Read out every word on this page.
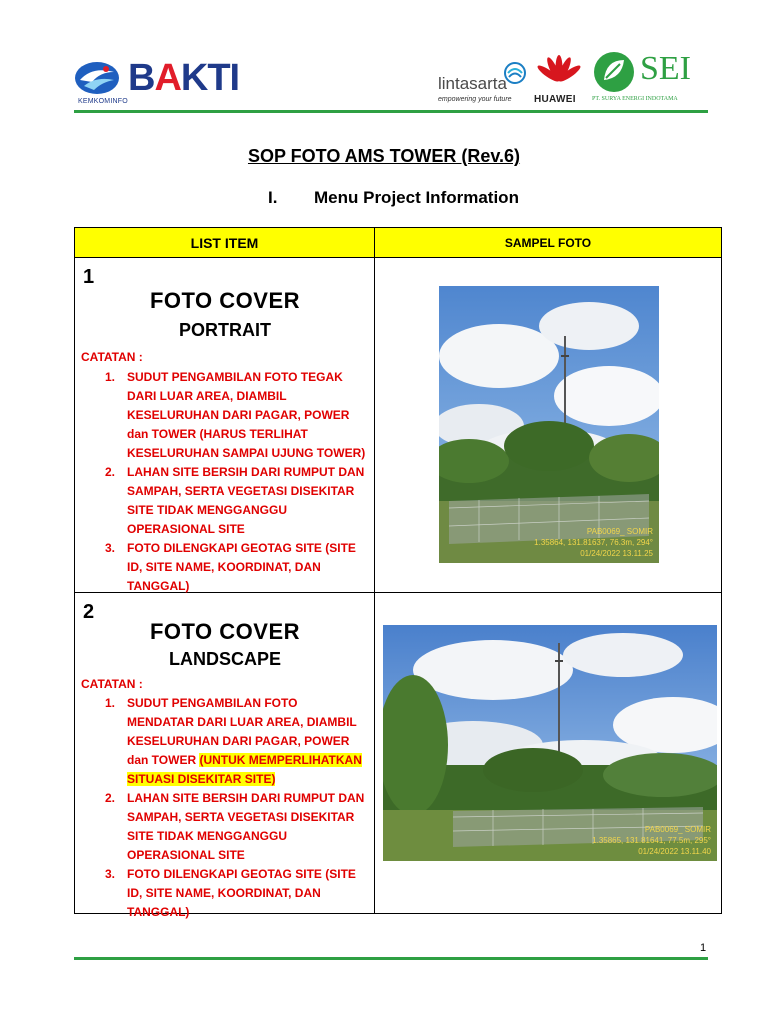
KEMKOMINFO
BAKTI	lintasarta
empowering your future HUAWEI
SEI
PT. SURYA ENERGI INDOTAMA
SOP FOTO AMS TOWER (Rev.6)
I. Menu Project Information
LIST ITEM	SAMPEL FOTO
1
FOTO COVER
PORTRAIT
CATATAN :
1. SUDUT PENGAMBILAN FOTO TEGAK DARI LUAR AREA, DIAMBIL KESELURUHAN DARI PAGAR, POWER dan TOWER (HARUS TERLIHAT KESELURUHAN SAMPAI UJUNG TOWER)
2. LAHAN SITE BERSIH DARI RUMPUT DAN SAMPAH, SERTA VEGETASI DISEKITAR SITE TIDAK MENGGANGGU OPERASIONAL SITE
3. FOTO DILENGKAPI GEOTAG SITE (SITE ID, SITE NAME, KOORDINAT, DAN TANGGAL)
PAB0069_ SOMIR
1.35864, 131.81637, 76.3m, 294°
01/24/2022 13.11.25
2
FOTO COVER
LANDSCAPE
CATATAN :
1. SUDUT PENGAMBILAN FOTO MENDATAR DARI LUAR AREA, DIAMBIL KESELURUHAN DARI PAGAR, POWER dan TOWER (UNTUK MEMPERLIHATKAN SITUASI DISEKITAR SITE)
2. LAHAN SITE BERSIH DARI RUMPUT DAN SAMPAH, SERTA VEGETASI DISEKITAR SITE TIDAK MENGGANGGU OPERASIONAL SITE
3. FOTO DILENGKAPI GEOTAG SITE (SITE ID, SITE NAME, KOORDINAT, DAN TANGGAL)
PAB0069_ SOMIR
1.35865, 131.81641, 77.5m, 295°
01/24/2022 13.11.40
1
